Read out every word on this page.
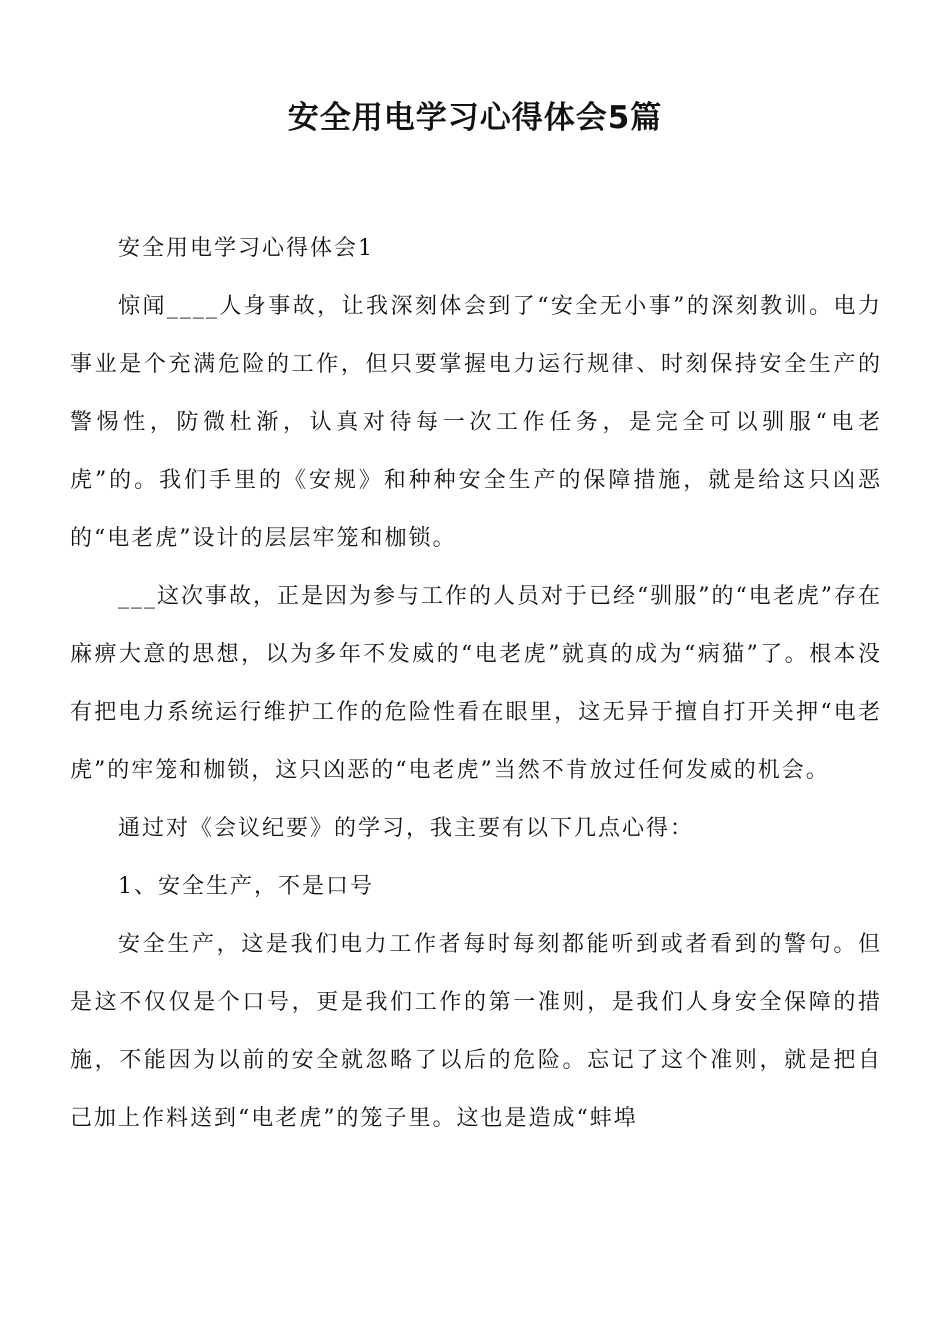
安全用电学习心得体会5篇

安全用电学习心得体会1

惊闻____人身事故，让我深刻体会到了“安全无小事”的深刻教训。电力事业是个充满危险的工作，但只要掌握电力运行规律、时刻保持安全生产的警惕性，防微杜渐，认真对待每一次工作任务，是完全可以驯服“电老虎”的。我们手里的《安规》和种种安全生产的保障措施，就是给这只凶恶的“电老虎”设计的层层牢笼和枷锁。

___这次事故，正是因为参与工作的人员对于已经“驯服”的“电老虎”存在麻痹大意的思想，以为多年不发威的“电老虎”就真的成为“病猫”了。根本没有把电力系统运行维护工作的危险性看在眼里，这无异于擅自打开关押“电老虎”的牢笼和枷锁，这只凶恶的“电老虎”当然不肯放过任何发威的机会。

通过对《会议纪要》的学习，我主要有以下几点心得：

1、安全生产，不是口号

安全生产，这是我们电力工作者每时每刻都能听到或者看到的警句。但是这不仅仅是个口号，更是我们工作的第一准则，是我们人身安全保障的措施，不能因为以前的安全就忽略了以后的危险。忘记了这个准则，就是把自己加上作料送到“电老虎”的笼子里。这也是造成“蚌埠
